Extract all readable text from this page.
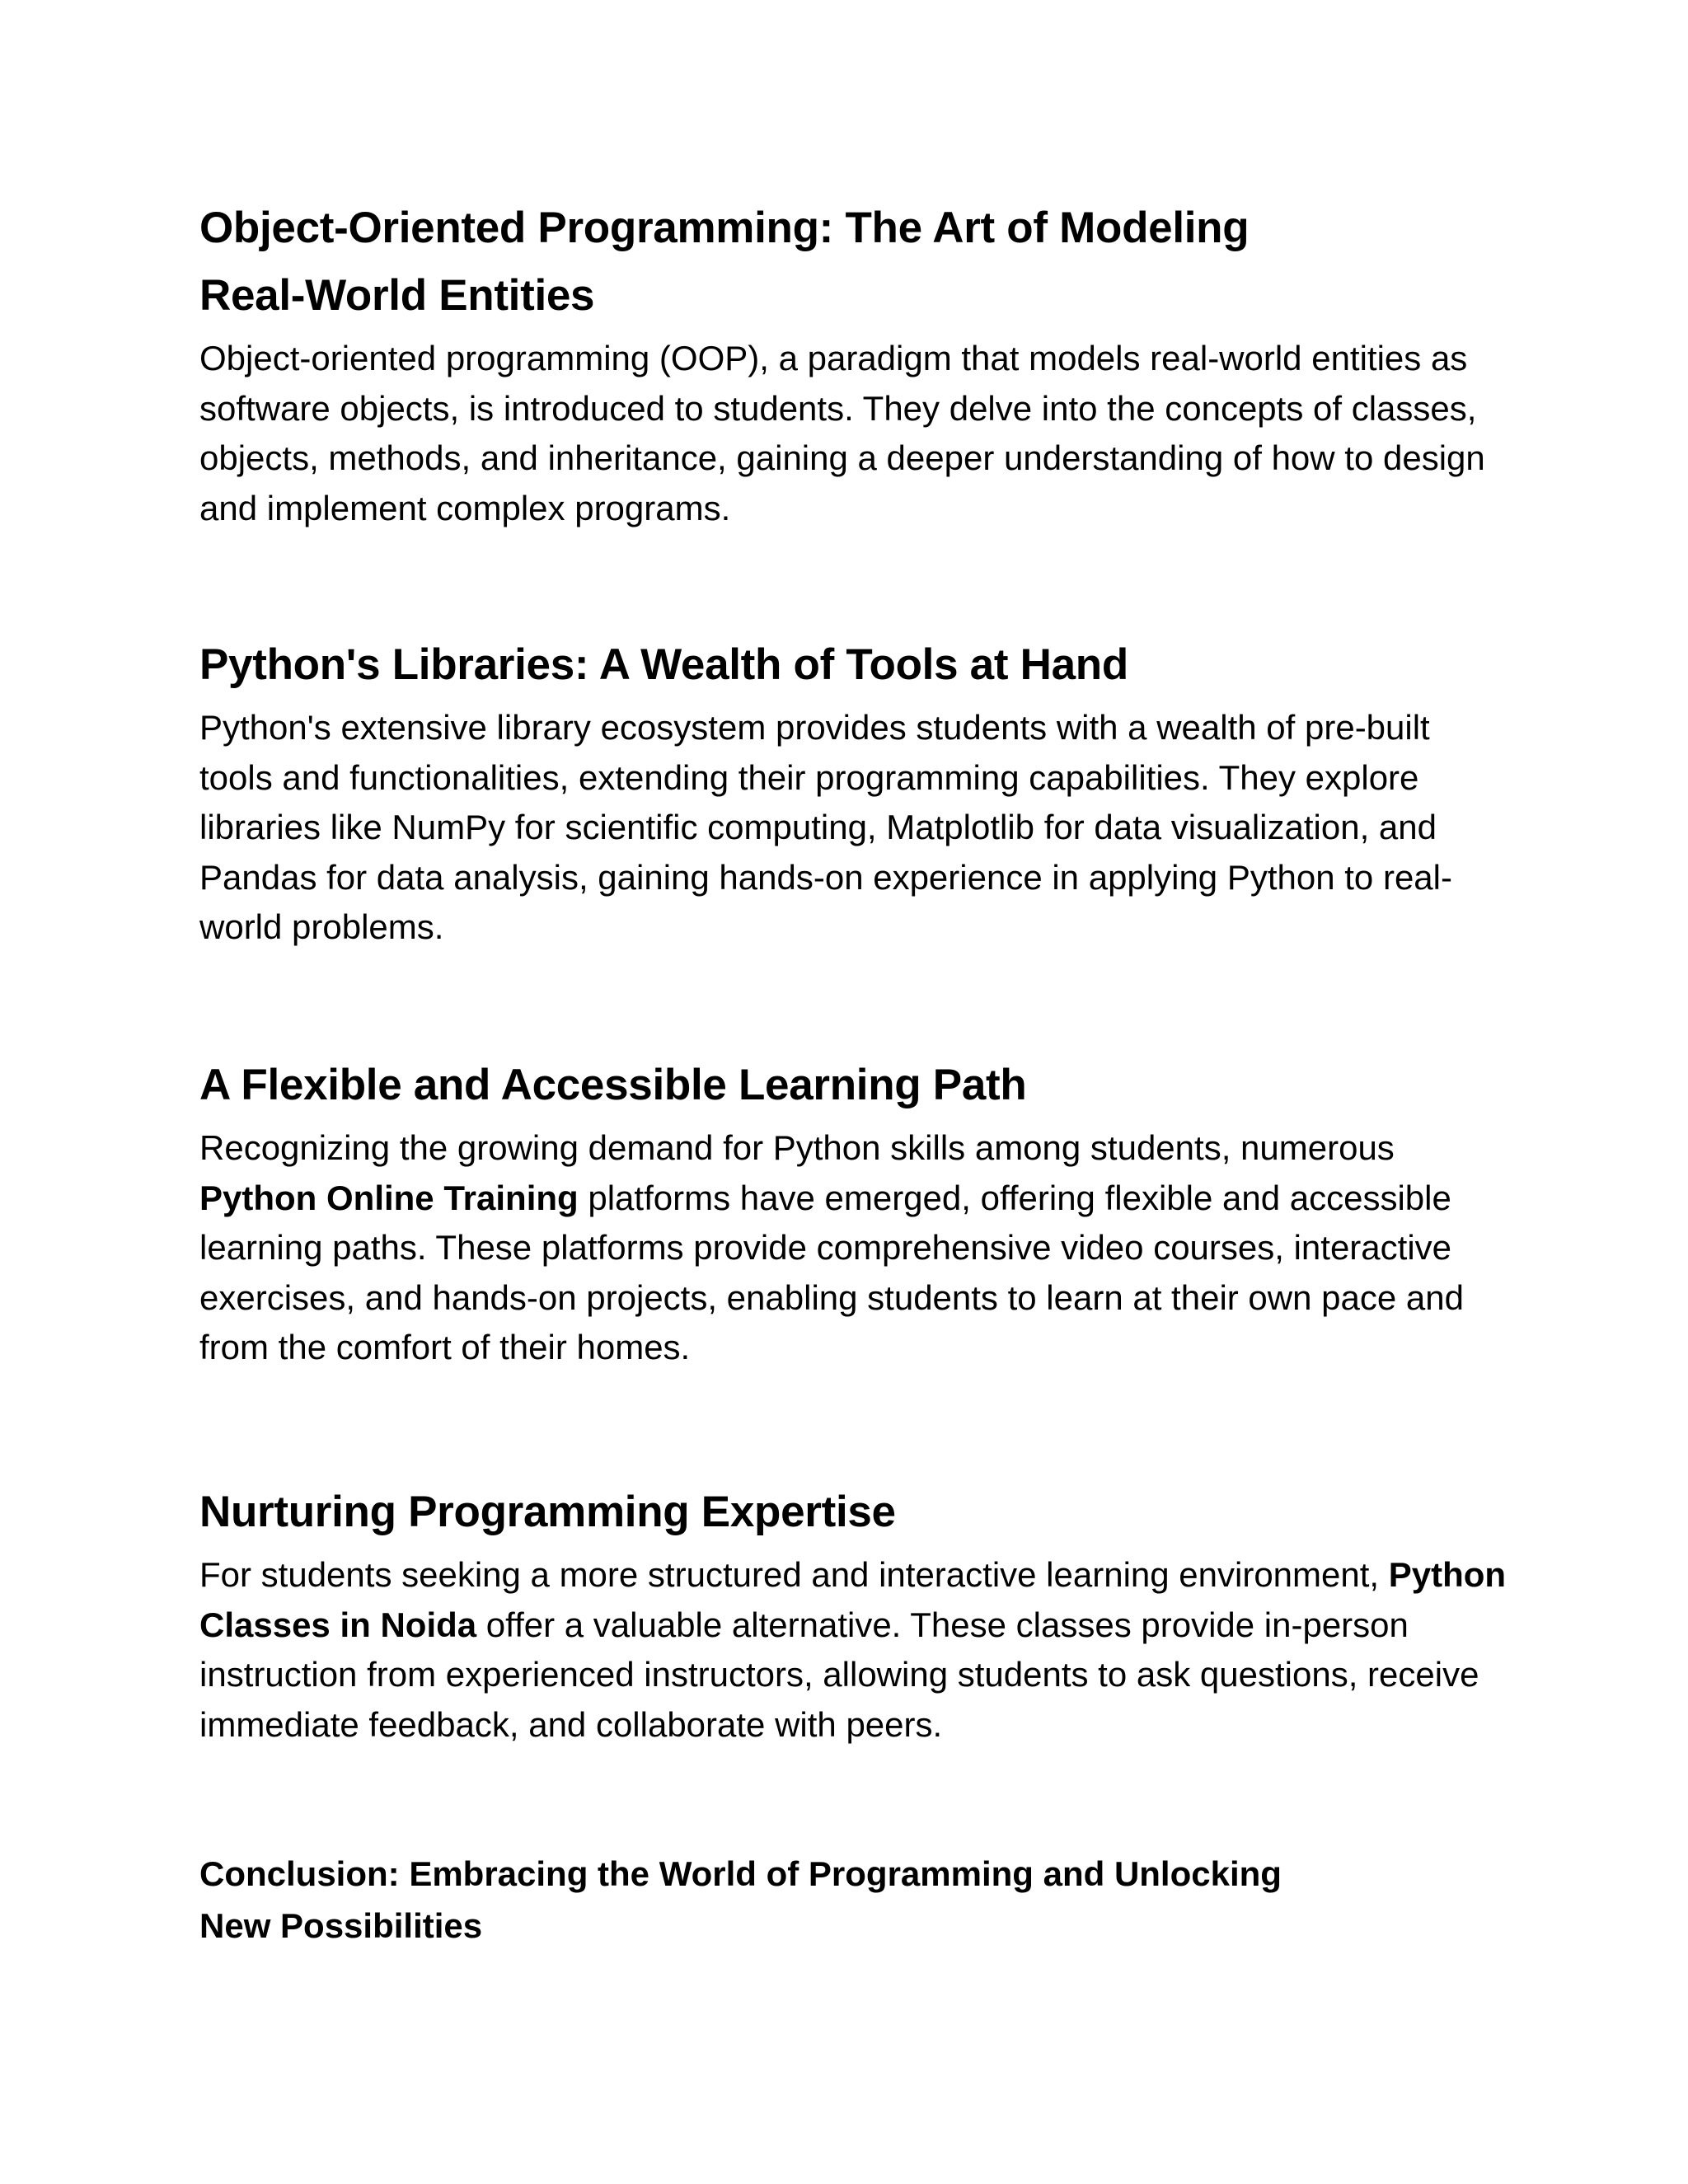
Object-Oriented Programming: The Art of Modeling Real-World Entities

Object-oriented programming (OOP), a paradigm that models real-world entities as software objects, is introduced to students. They delve into the concepts of classes, objects, methods, and inheritance, gaining a deeper understanding of how to design and implement complex programs.

Python's Libraries: A Wealth of Tools at Hand

Python's extensive library ecosystem provides students with a wealth of pre-built tools and functionalities, extending their programming capabilities. They explore libraries like NumPy for scientific computing, Matplotlib for data visualization, and Pandas for data analysis, gaining hands-on experience in applying Python to real-world problems.

A Flexible and Accessible Learning Path

Recognizing the growing demand for Python skills among students, numerous Python Online Training platforms have emerged, offering flexible and accessible learning paths. These platforms provide comprehensive video courses, interactive exercises, and hands-on projects, enabling students to learn at their own pace and from the comfort of their homes.

Nurturing Programming Expertise

For students seeking a more structured and interactive learning environment, Python Classes in Noida offer a valuable alternative. These classes provide in-person instruction from experienced instructors, allowing students to ask questions, receive immediate feedback, and collaborate with peers.

Conclusion: Embracing the World of Programming and Unlocking New Possibilities
